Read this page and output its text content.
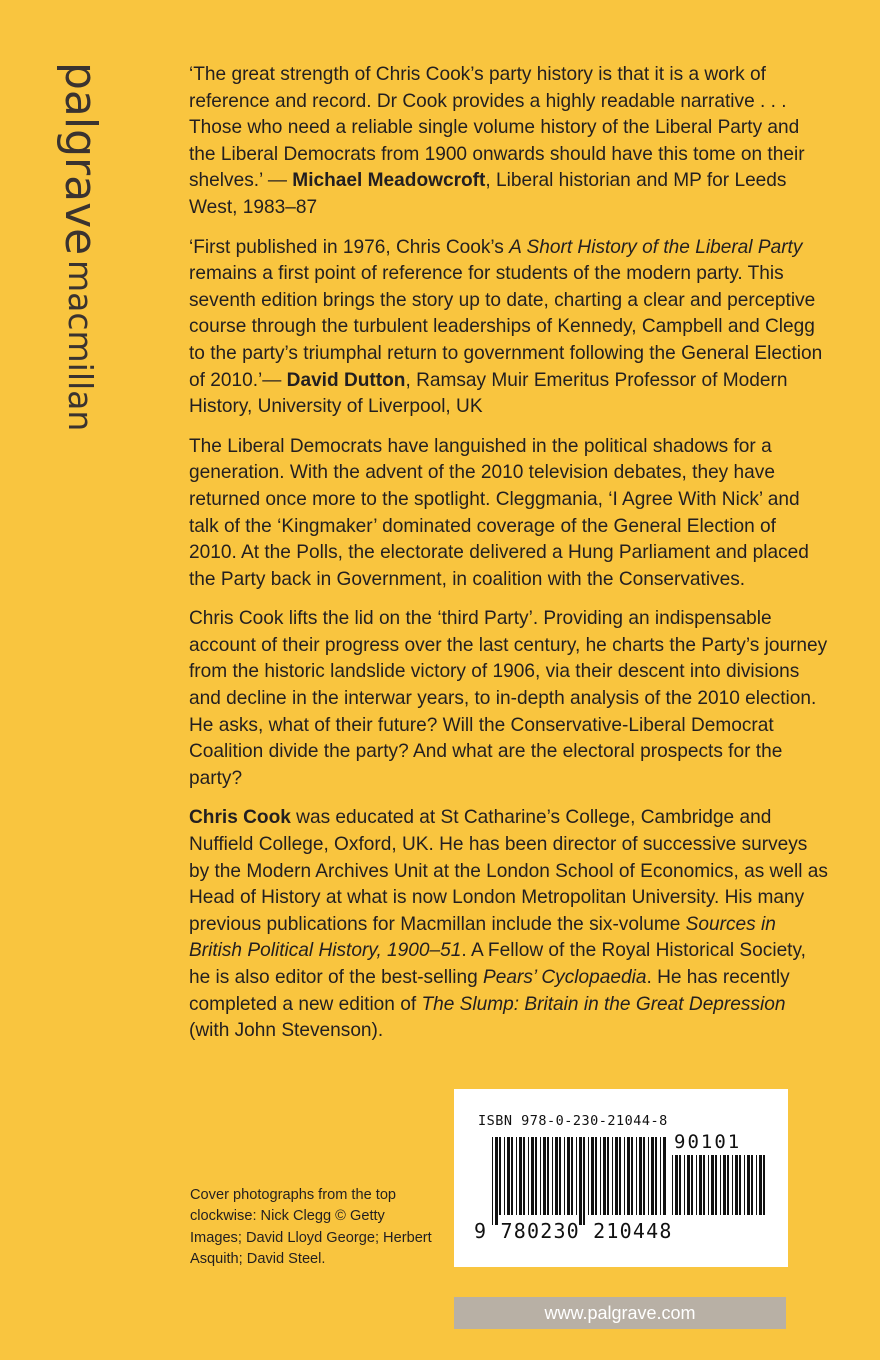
palgrave macmillan

‘The great strength of Chris Cook’s party history is that it is a work of reference and record. Dr Cook provides a highly readable narrative . . . Those who need a reliable single volume history of the Liberal Party and the Liberal Democrats from 1900 onwards should have this tome on their shelves.’ — Michael Meadowcroft, Liberal historian and MP for Leeds West, 1983–87

‘First published in 1976, Chris Cook’s A Short History of the Liberal Party remains a first point of reference for students of the modern party. This seventh edition brings the story up to date, charting a clear and perceptive course through the turbulent leaderships of Kennedy, Campbell and Clegg to the party’s triumphal return to government following the General Election of 2010.’— David Dutton, Ramsay Muir Emeritus Professor of Modern History, University of Liverpool, UK

The Liberal Democrats have languished in the political shadows for a generation. With the advent of the 2010 television debates, they have returned once more to the spotlight. Cleggmania, ‘I Agree With Nick’ and talk of the ‘Kingmaker’ dominated coverage of the General Election of 2010. At the Polls, the electorate delivered a Hung Parliament and placed the Party back in Government, in coalition with the Conservatives.

Chris Cook lifts the lid on the ‘third Party’. Providing an indispensable account of their progress over the last century, he charts the Party’s journey from the historic landslide victory of 1906, via their descent into divisions and decline in the interwar years, to in-depth analysis of the 2010 election. He asks, what of their future? Will the Conservative-Liberal Democrat Coalition divide the party? And what are the electoral prospects for the party?

Chris Cook was educated at St Catharine’s College, Cambridge and Nuffield College, Oxford, UK. He has been director of successive surveys by the Modern Archives Unit at the London School of Economics, as well as Head of History at what is now London Metropolitan University. His many previous publications for Macmillan include the six-volume Sources in British Political History, 1900–51. A Fellow of the Royal Historical Society, he is also editor of the best-selling Pears’ Cyclopaedia. He has recently completed a new edition of The Slump: Britain in the Great Depression (with John Stevenson).

Cover photographs from the top clockwise: Nick Clegg © Getty Images; David Lloyd George; Herbert Asquith; David Steel.
ISBN 978-0-230-21044-8
90101
9 780230 210448
www.palgrave.com
